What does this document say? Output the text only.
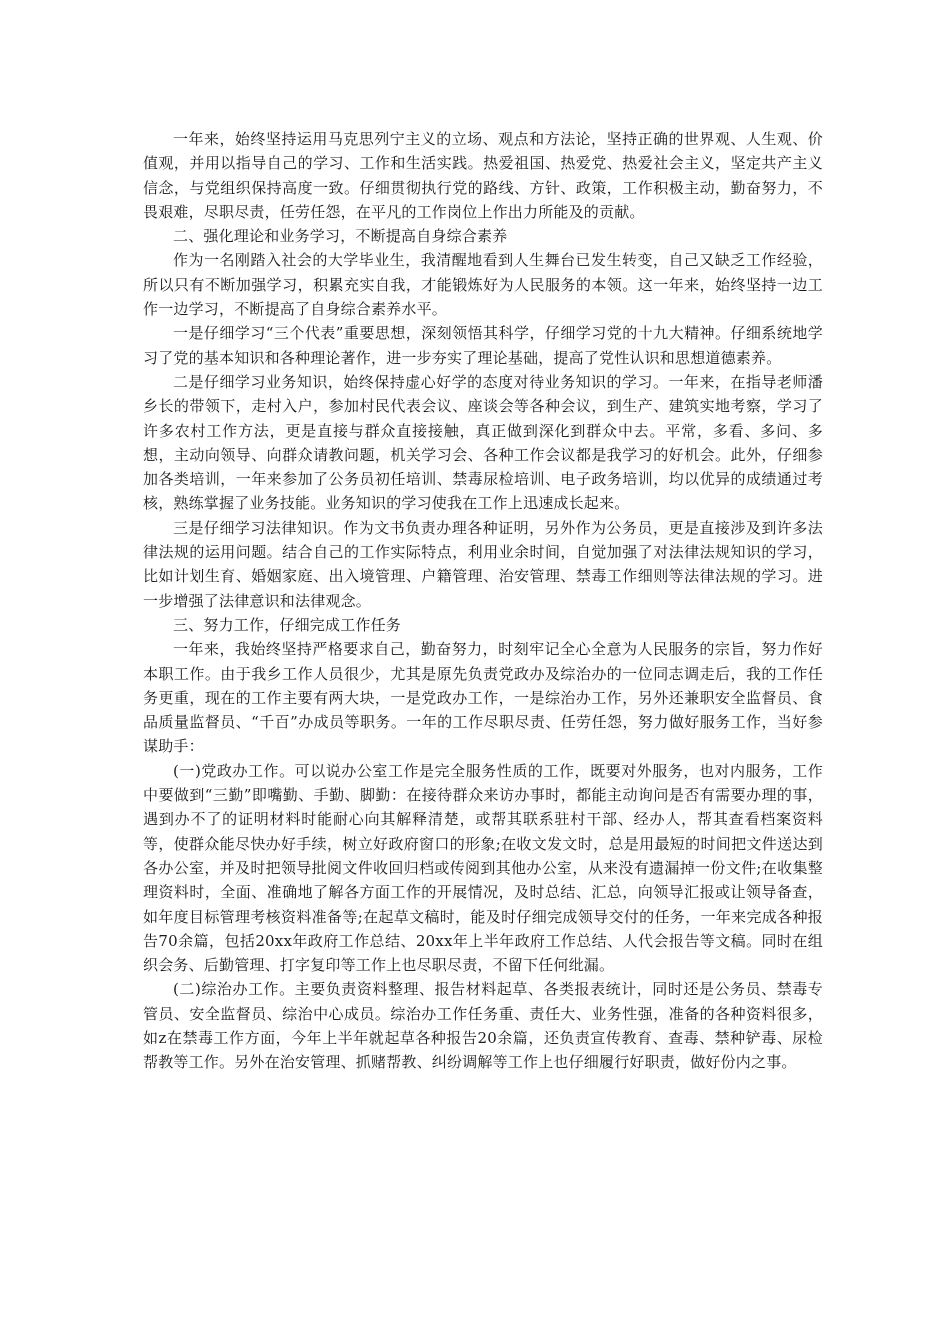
一年来，始终坚持运用马克思列宁主义的立场、观点和方法论，坚持正确的世界观、人生观、价值观，并用以指导自己的学习、工作和生活实践。热爱祖国、热爱党、热爱社会主义，坚定共产主义信念，与党组织保持高度一致。仔细贯彻执行党的路线、方针、政策，工作积极主动，勤奋努力，不畏艰难，尽职尽责，任劳任怨，在平凡的工作岗位上作出力所能及的贡献。

二、强化理论和业务学习，不断提高自身综合素养

作为一名刚踏入社会的大学毕业生，我清醒地看到人生舞台已发生转变，自己又缺乏工作经验，所以只有不断加强学习，积累充实自我，才能锻炼好为人民服务的本领。这一年来，始终坚持一边工作一边学习，不断提高了自身综合素养水平。

一是仔细学习“三个代表”重要思想，深刻领悟其科学，仔细学习党的十九大精神。仔细系统地学习了党的基本知识和各种理论著作，进一步夯实了理论基础，提高了党性认识和思想道德素养。

二是仔细学习业务知识，始终保持虚心好学的态度对待业务知识的学习。一年来，在指导老师潘乡长的带领下，走村入户，参加村民代表会议、座谈会等各种会议，到生产、建筑实地考察，学习了许多农村工作方法，更是直接与群众直接接触，真正做到深化到群众中去。平常，多看、多问、多想，主动向领导、向群众请教问题，机关学习会、各种工作会议都是我学习的好机会。此外，仔细参加各类培训，一年来参加了公务员初任培训、禁毒尿检培训、电子政务培训，均以优异的成绩通过考核，熟练掌握了业务技能。业务知识的学习使我在工作上迅速成长起来。

三是仔细学习法律知识。作为文书负责办理各种证明，另外作为公务员，更是直接涉及到许多法律法规的运用问题。结合自己的工作实际特点，利用业余时间，自觉加强了对法律法规知识的学习，比如计划生育、婚姻家庭、出入境管理、户籍管理、治安管理、禁毒工作细则等法律法规的学习。进一步增强了法律意识和法律观念。

三、努力工作，仔细完成工作任务

一年来，我始终坚持严格要求自己，勤奋努力，时刻牢记全心全意为人民服务的宗旨，努力作好本职工作。由于我乡工作人员很少，尤其是原先负责党政办及综治办的一位同志调走后，我的工作任务更重，现在的工作主要有两大块，一是党政办工作，一是综治办工作，另外还兼职安全监督员、食品质量监督员、“千百”办成员等职务。一年的工作尽职尽责、任劳任怨，努力做好服务工作，当好参谋助手：

(一)党政办工作。可以说办公室工作是完全服务性质的工作，既要对外服务，也对内服务，工作中要做到“三勤”即嘴勤、手勤、脚勤：在接待群众来访办事时，都能主动询问是否有需要办理的事，遇到办不了的证明材料时能耐心向其解释清楚，或帮其联系驻村干部、经办人，帮其查看档案资料等，使群众能尽快办好手续，树立好政府窗口的形象;在收文发文时，总是用最短的时间把文件送达到各办公室，并及时把领导批阅文件收回归档或传阅到其他办公室，从来没有遗漏掉一份文件;在收集整理资料时，全面、准确地了解各方面工作的开展情况，及时总结、汇总，向领导汇报或让领导备查，如年度目标管理考核资料准备等;在起草文稿时，能及时仔细完成领导交付的任务，一年来完成各种报告70余篇，包括20xx年政府工作总结、20xx年上半年政府工作总结、人代会报告等文稿。同时在组织会务、后勤管理、打字复印等工作上也尽职尽责，不留下任何纰漏。

(二)综治办工作。主要负责资料整理、报告材料起草、各类报表统计，同时还是公务员、禁毒专管员、安全监督员、综治中心成员。综治办工作任务重、责任大、业务性强，准备的各种资料很多，如z在禁毒工作方面，今年上半年就起草各种报告20余篇，还负责宣传教育、查毒、禁种铲毒、尿检帮教等工作。另外在治安管理、抓赌帮教、纠纷调解等工作上也仔细履行好职责，做好份内之事。
